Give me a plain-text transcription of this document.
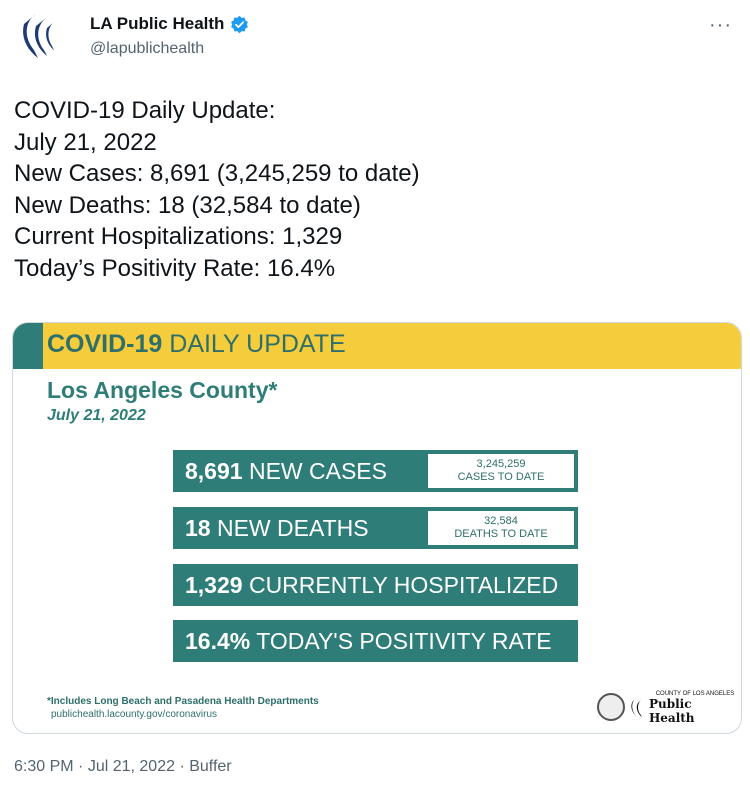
LA Public Health
@lapublichealth
···
COVID-19 Daily Update:
July 21, 2022
New Cases: 8,691 (3,245,259 to date)
New Deaths: 18 (32,584 to date)
Current Hospitalizations: 1,329
Today’s Positivity Rate: 16.4%
COVID-19 DAILY UPDATE
Los Angeles County*
July 21, 2022
8,691 NEW CASES	3,245,259
CASES TO DATE
18 NEW DEATHS	32,584
DEATHS TO DATE
1,329 CURRENTLY HOSPITALIZED
16.4% TODAY'S POSITIVITY RATE
*Includes Long Beach and Pasadena Health Departments
publichealth.lacounty.gov/coronavirus
COUNTY OF LOS ANGELES
Public Health
6:30 PM · Jul 21, 2022 · Buffer
